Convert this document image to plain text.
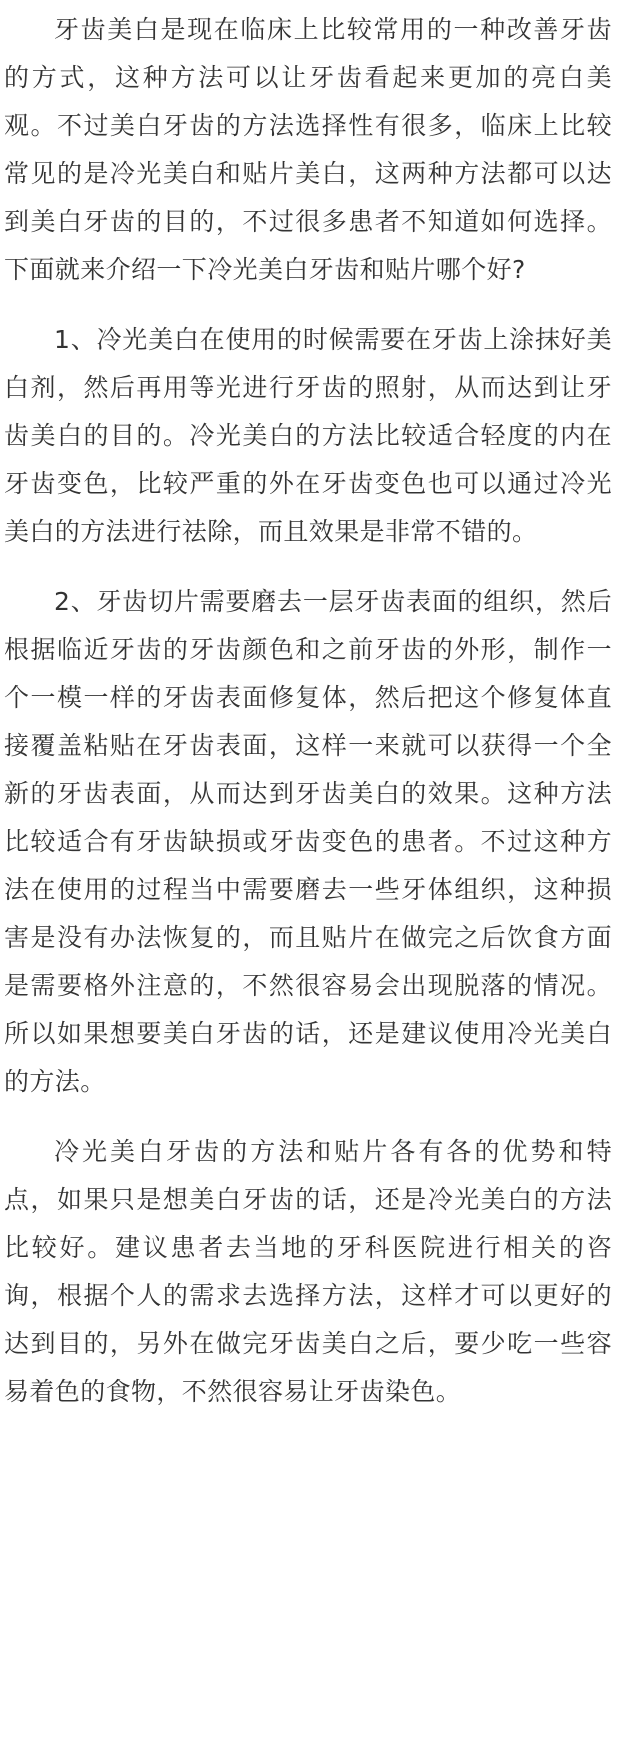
牙齿美白是现在临床上比较常用的一种改善牙齿的方式，这种方法可以让牙齿看起来更加的亮白美观。不过美白牙齿的方法选择性有很多，临床上比较常见的是冷光美白和贴片美白，这两种方法都可以达到美白牙齿的目的，不过很多患者不知道如何选择。下面就来介绍一下冷光美白牙齿和贴片哪个好?

1、冷光美白在使用的时候需要在牙齿上涂抹好美白剂，然后再用等光进行牙齿的照射，从而达到让牙齿美白的目的。冷光美白的方法比较适合轻度的内在牙齿变色，比较严重的外在牙齿变色也可以通过冷光美白的方法进行祛除，而且效果是非常不错的。

2、牙齿切片需要磨去一层牙齿表面的组织，然后根据临近牙齿的牙齿颜色和之前牙齿的外形，制作一个一模一样的牙齿表面修复体，然后把这个修复体直接覆盖粘贴在牙齿表面，这样一来就可以获得一个全新的牙齿表面，从而达到牙齿美白的效果。这种方法比较适合有牙齿缺损或牙齿变色的患者。不过这种方法在使用的过程当中需要磨去一些牙体组织，这种损害是没有办法恢复的，而且贴片在做完之后饮食方面是需要格外注意的，不然很容易会出现脱落的情况。所以如果想要美白牙齿的话，还是建议使用冷光美白的方法。

冷光美白牙齿的方法和贴片各有各的优势和特点，如果只是想美白牙齿的话，还是冷光美白的方法比较好。建议患者去当地的牙科医院进行相关的咨询，根据个人的需求去选择方法，这样才可以更好的达到目的，另外在做完牙齿美白之后，要少吃一些容易着色的食物，不然很容易让牙齿染色。
